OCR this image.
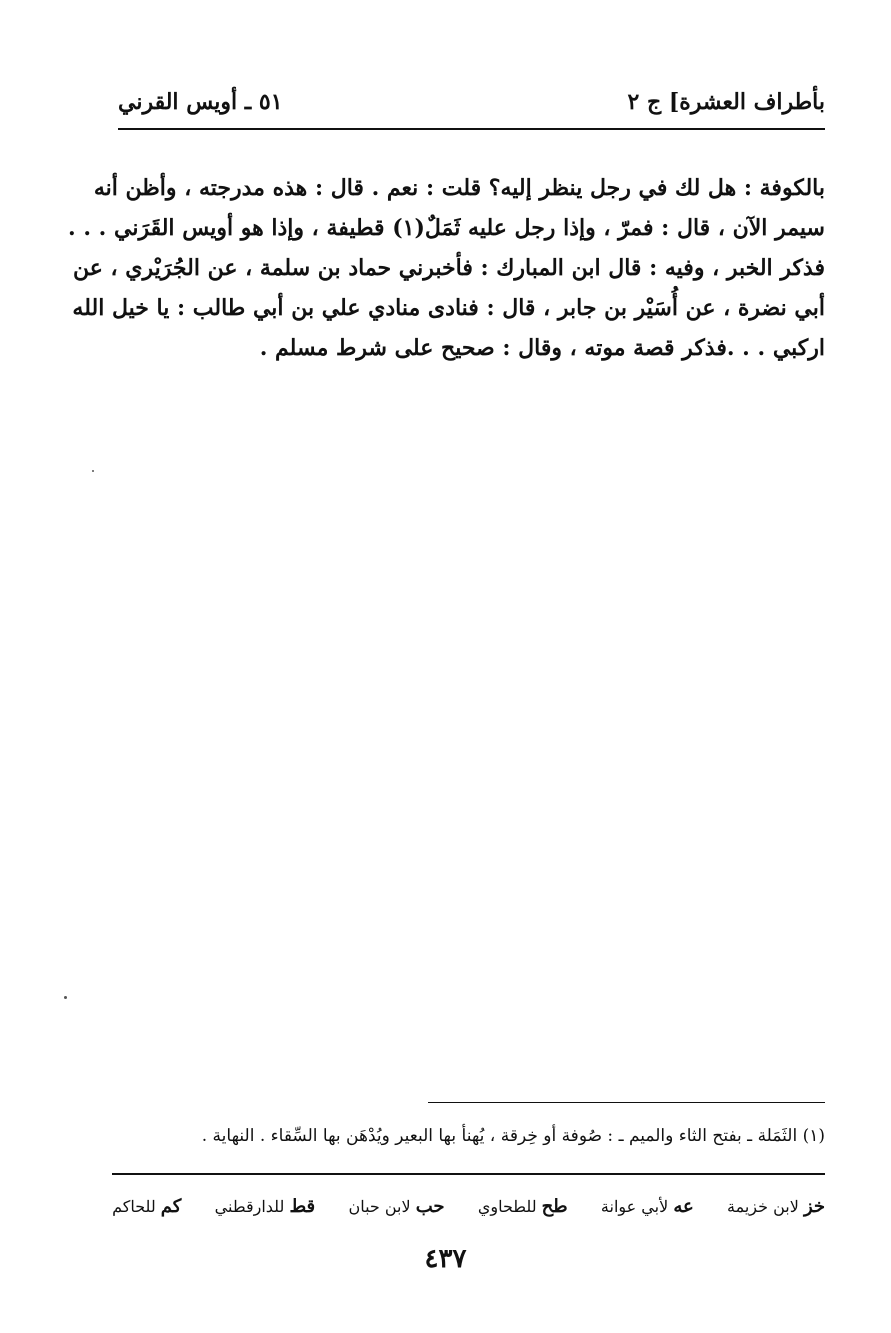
بأطراف العشرة] ج ٢
٥١ ـ أويس القرني
بالكوفة : هل لك في رجل ينظر إليه؟ قلت : نعم . قال : هذه مدرجته ، وأظن أنه
سيمر الآن ، قال : فمرّ ، وإذا رجل عليه ثَمَلٌ(١) قطيفة ، وإذا هو أويس القَرَني . . .
فذكر الخبر ، وفيه : قال ابن المبارك : فأخبرني حماد بن سلمة ، عن الجُرَيْري ، عن
أبي نضرة ، عن أُسَيْر بن جابر ، قال : فنادى منادي علي بن أبي طالب : يا خيل الله
اركبي . . .فذكر قصة موته ، وقال : صحيح على شرط مسلم .
(١) الثَمَلة ـ بفتح الثاء والميم ـ : صُوفة أو خِرقة ، يُهنأ بها البعير ويُدْهَن بها السِّقاء . النهاية .
خز لابن خزيمة
عه لأبي عوانة
طح للطحاوي
حب لابن حبان
قط للدارقطني
كم للحاكم
٤٣٧
